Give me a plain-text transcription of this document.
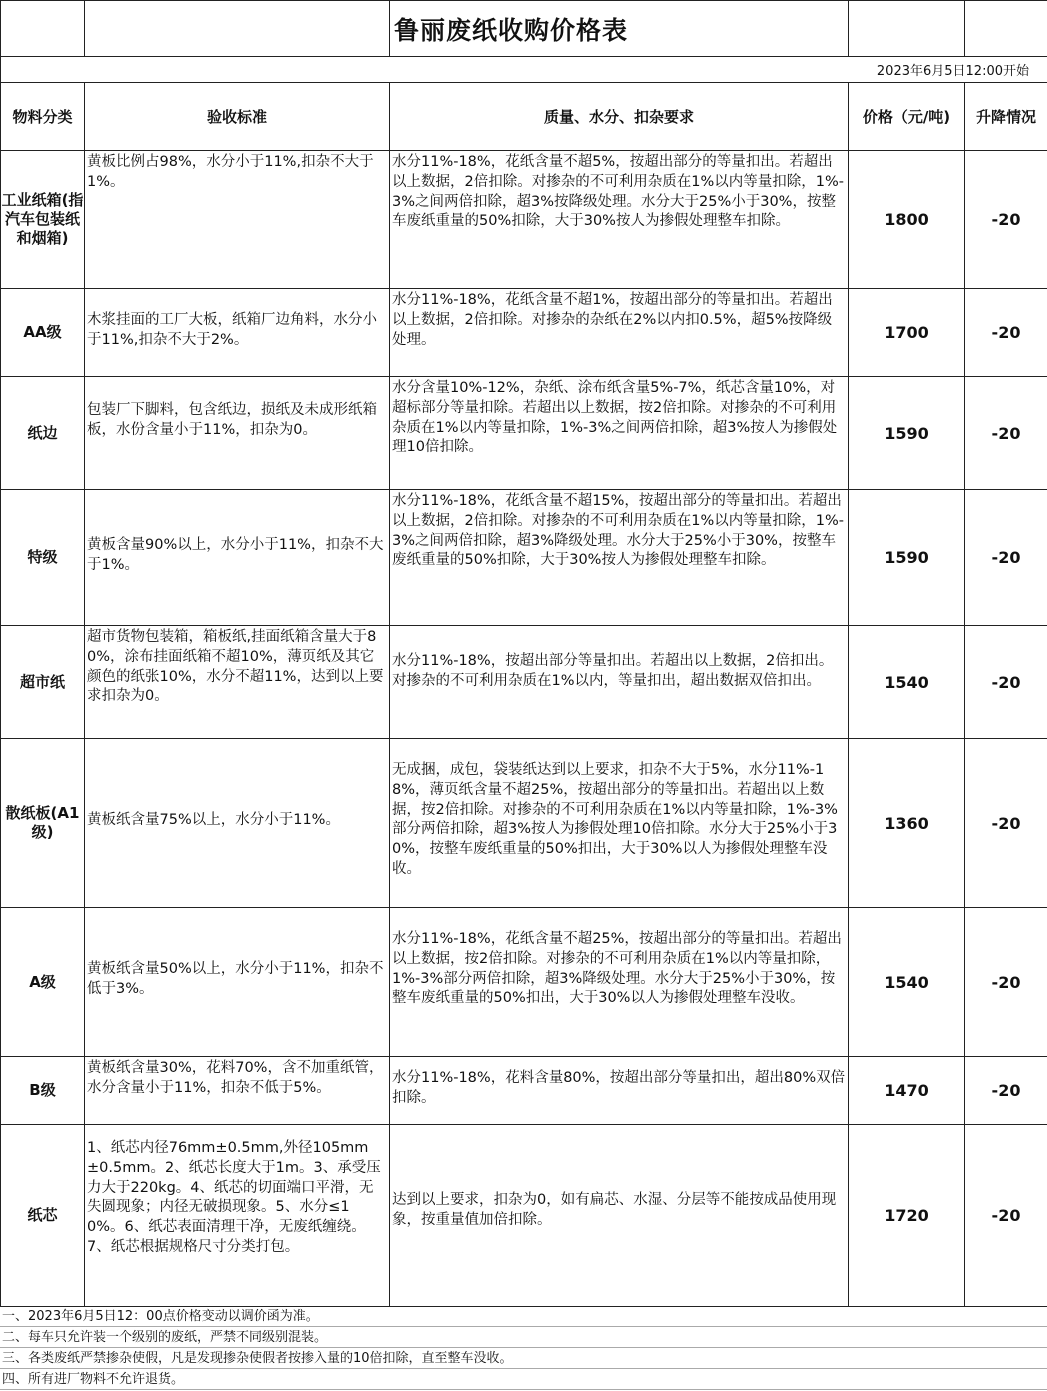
		鲁丽废纸收购价格表		
2023年6月5日12:00开始				
物料分类	验收标准	质量、水分、扣杂要求	价格（元/吨)	升降情况
工业纸箱(指汽车包装纸和烟箱)	黄板比例占98%，水分小于11%,扣杂不大于1%。	水分11%-18%，花纸含量不超5%，按超出部分的等量扣出。若超出以上数据，2倍扣除。对掺杂的不可利用杂质在1%以内等量扣除，1%-3%之间两倍扣除，超3%按降级处理。水分大于25%小于30%，按整车废纸重量的50%扣除，大于30%按人为掺假处理整车扣除。	1800	-20
AA级	木浆挂面的工厂大板，纸箱厂边角料，水分小于11%,扣杂不大于2%。	水分11%-18%，花纸含量不超1%，按超出部分的等量扣出。若超出以上数据，2倍扣除。对掺杂的杂纸在2%以内扣0.5%，超5%按降级处理。	1700	-20
纸边	包装厂下脚料，包含纸边，损纸及未成形纸箱板，水份含量小于11%，扣杂为0。	水分含量10%-12%，杂纸、涂布纸含量5%-7%，纸芯含量10%，对超标部分等量扣除。若超出以上数据，按2倍扣除。对掺杂的不可利用杂质在1%以内等量扣除，1%-3%之间两倍扣除，超3%按人为掺假处理10倍扣除。	1590	-20
特级	黄板含量90%以上，水分小于11%，扣杂不大于1%。	水分11%-18%，花纸含量不超15%，按超出部分的等量扣出。若超出以上数据，2倍扣除。对掺杂的不可利用杂质在1%以内等量扣除，1%-3%之间两倍扣除，超3%降级处理。水分大于25%小于30%，按整车废纸重量的50%扣除，大于30%按人为掺假处理整车扣除。	1590	-20
超市纸	超市货物包装箱，箱板纸,挂面纸箱含量大于80%，涂布挂面纸箱不超10%，薄页纸及其它颜色的纸张10%，水分不超11%，达到以上要求扣杂为0。	水分11%-18%，按超出部分等量扣出。若超出以上数据，2倍扣出。对掺杂的不可利用杂质在1%以内，等量扣出，超出数据双倍扣出。	1540	-20
散纸板(A1级)	黄板纸含量75%以上，水分小于11%。	无成捆，成包，袋装纸达到以上要求，扣杂不大于5%，水分11%-18%，薄页纸含量不超25%，按超出部分的等量扣出。若超出以上数据，按2倍扣除。对掺杂的不可利用杂质在1%以内等量扣除，1%-3%部分两倍扣除，超3%按人为掺假处理10倍扣除。水分大于25%小于30%，按整车废纸重量的50%扣出，大于30%以人为掺假处理整车没收。	1360	-20
A级	黄板纸含量50%以上，水分小于11%，扣杂不低于3%。	水分11%-18%，花纸含量不超25%，按超出部分的等量扣出。若超出以上数据，按2倍扣除。对掺杂的不可利用杂质在1%以内等量扣除，1%-3%部分两倍扣除，超3%降级处理。水分大于25%小于30%，按整车废纸重量的50%扣出，大于30%以人为掺假处理整车没收。	1540	-20
B级	黄板纸含量30%，花料70%，含不加重纸管，水分含量小于11%，扣杂不低于5%。	水分11%-18%，花料含量80%，按超出部分等量扣出，超出80%双倍扣除。	1470	-20
纸芯	1、纸芯内径76mm±0.5mm,外径105mm±0.5mm。2、纸芯长度大于1m。3、承受压力大于220kg。4、纸芯的切面端口平滑，无失圆现象；内径无破损现象。5、水分≤10%。6、纸芯表面清理干净，无废纸缠绕。7、纸芯根据规格尺寸分类打包。	达到以上要求，扣杂为0，如有扁芯、水湿、分层等不能按成品使用现象，按重量值加倍扣除。	1720	-20
一、2023年6月5日12：00点价格变动以调价函为准。
二、每车只允许装一个级别的废纸，严禁不同级别混装。
三、各类废纸严禁掺杂使假，凡是发现掺杂使假者按掺入量的10倍扣除，直至整车没收。
四、所有进厂物料不允许退货。
